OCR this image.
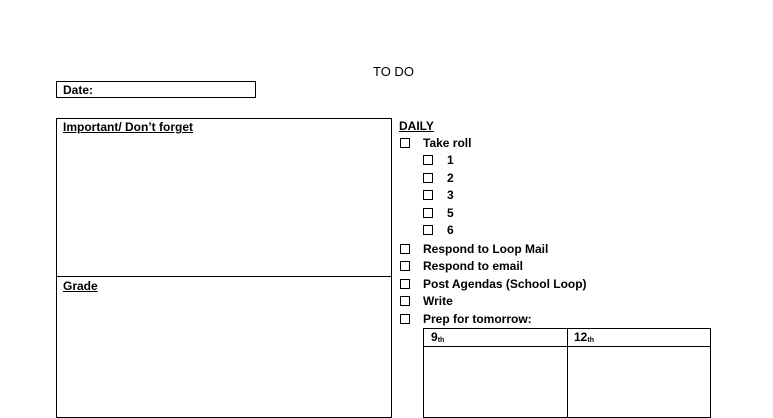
TO DO
Date:
Important/ Don’t forget
Grade
DAILY
Take roll
1
2
3
5
6
Respond to Loop Mail
Respond to email
Post Agendas (School Loop)
Write
Prep for tomorrow:
$9_{th}$	$12_{th}$
